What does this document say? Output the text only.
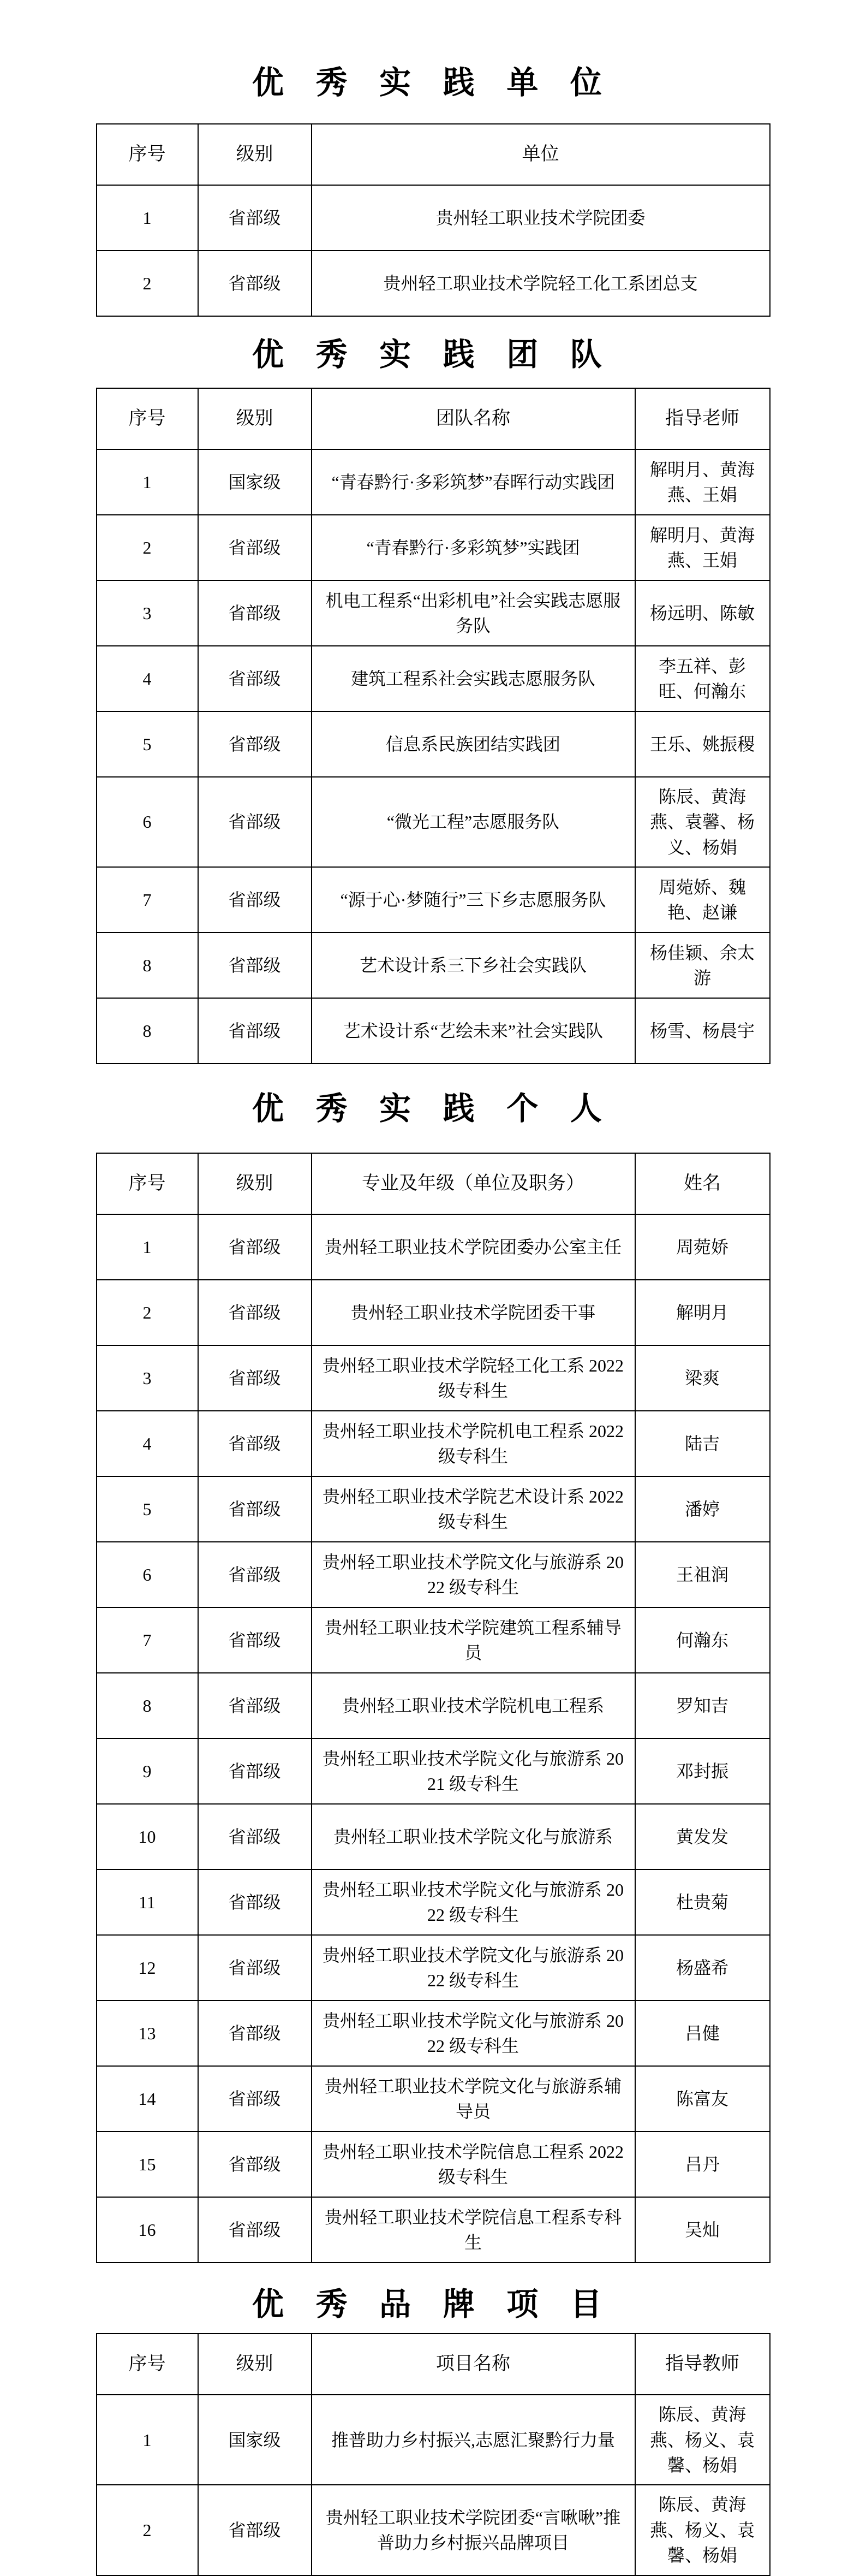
优 秀 实 践 单 位
序号	级别	单位
1	省部级	贵州轻工职业技术学院团委
2	省部级	贵州轻工职业技术学院轻工化工系团总支
优 秀 实 践 团 队
序号	级别	团队名称	指导老师
1	国家级	“青春黔行·多彩筑梦”春晖行动实践团	解明月、黄海燕、王娟
2	省部级	“青春黔行·多彩筑梦”实践团	解明月、黄海燕、王娟
3	省部级	机电工程系“出彩机电”社会实践志愿服务队	杨远明、陈敏
4	省部级	建筑工程系社会实践志愿服务队	李五祥、彭旺、何瀚东
5	省部级	信息系民族团结实践团	王乐、姚振稷
6	省部级	“微光工程”志愿服务队	陈辰、黄海燕、袁馨、杨义、杨娟
7	省部级	“源于心·梦随行”三下乡志愿服务队	周菀娇、魏艳、赵谦
8	省部级	艺术设计系三下乡社会实践队	杨佳颖、余太游
8	省部级	艺术设计系“艺绘未来”社会实践队	杨雪、杨晨宇
优 秀 实 践 个 人
序号	级别	专业及年级（单位及职务）	姓名
1	省部级	贵州轻工职业技术学院团委办公室主任	周菀娇
2	省部级	贵州轻工职业技术学院团委干事	解明月
3	省部级	贵州轻工职业技术学院轻工化工系 2022 级专科生	梁爽
4	省部级	贵州轻工职业技术学院机电工程系 2022 级专科生	陆吉
5	省部级	贵州轻工职业技术学院艺术设计系 2022 级专科生	潘婷
6	省部级	贵州轻工职业技术学院文化与旅游系 2022 级专科生	王祖润
7	省部级	贵州轻工职业技术学院建筑工程系辅导员	何瀚东
8	省部级	贵州轻工职业技术学院机电工程系	罗知吉
9	省部级	贵州轻工职业技术学院文化与旅游系 2021 级专科生	邓封振
10	省部级	贵州轻工职业技术学院文化与旅游系	黄发发
11	省部级	贵州轻工职业技术学院文化与旅游系 2022 级专科生	杜贵菊
12	省部级	贵州轻工职业技术学院文化与旅游系 2022 级专科生	杨盛希
13	省部级	贵州轻工职业技术学院文化与旅游系 2022 级专科生	吕健
14	省部级	贵州轻工职业技术学院文化与旅游系辅导员	陈富友
15	省部级	贵州轻工职业技术学院信息工程系 2022 级专科生	吕丹
16	省部级	贵州轻工职业技术学院信息工程系专科生	吴灿
优 秀 品 牌 项 目
序号	级别	项目名称	指导教师
1	国家级	推普助力乡村振兴,志愿汇聚黔行力量	陈辰、黄海燕、杨义、袁馨、杨娟
2	省部级	贵州轻工职业技术学院团委“言啾啾”推普助力乡村振兴品牌项目	陈辰、黄海燕、杨义、袁馨、杨娟
